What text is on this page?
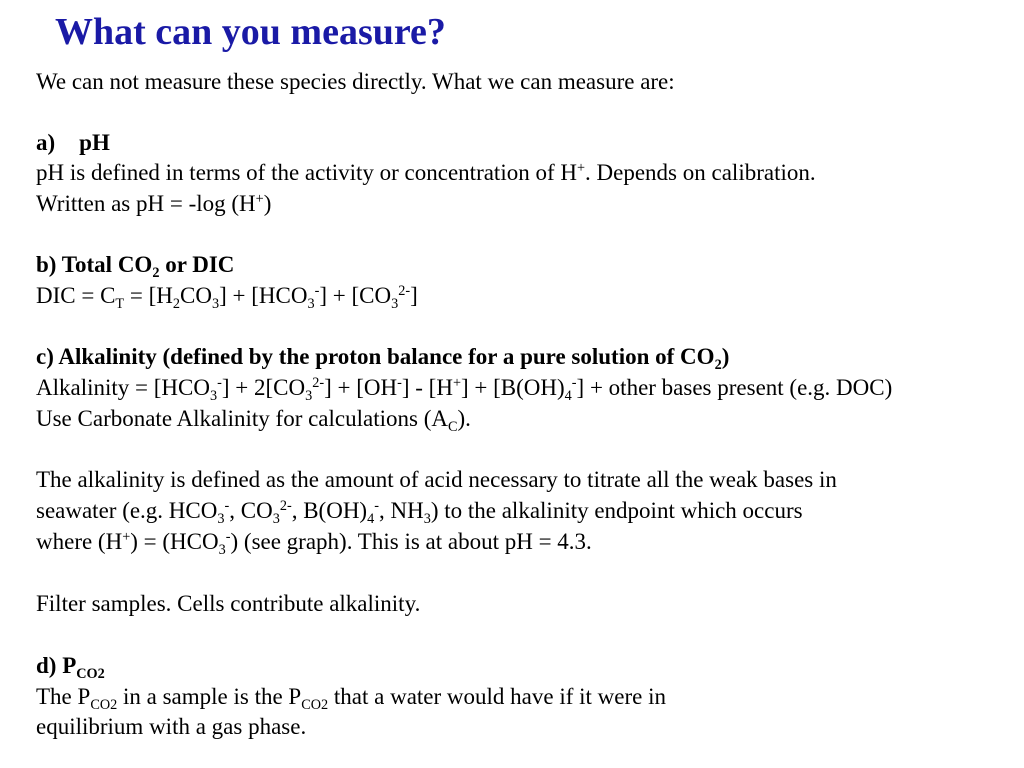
What can you measure?
We can not measure these species directly. What we can measure are:
a) pH
pH is defined in terms of the activity or concentration of H+. Depends on calibration.
Written as pH = -log (H+)
b) Total $CO_2$ or DIC
DIC = $C_T = [H_2CO_3] + [HCO_3^-] + [CO_3^{2-}]$
c) Alkalinity (defined by the proton balance for a pure solution of $CO_2$)
Alkalinity = $[HCO_3^-] + 2[CO_3^{2-}] + [OH^-] - [H^+] + [B(OH)_4^-]$ + other bases present (e.g. DOC)
Use Carbonate Alkalinity for calculations $(A_C)$.
The alkalinity is defined as the amount of acid necessary to titrate all the weak bases in
seawater (e.g. $HCO_3^-$, $CO_3^{2-}$, $B(OH)_4^-$, $NH_3$) to the alkalinity endpoint which occurs
where $(H^+) = (HCO_3^-)$ (see graph). This is at about pH = 4.3.
Filter samples. Cells contribute alkalinity.
d) $P_{CO2}$
The $P_{CO2}$ in a sample is the $P_{CO2}$ that a water would have if it were in
equilibrium with a gas phase.
